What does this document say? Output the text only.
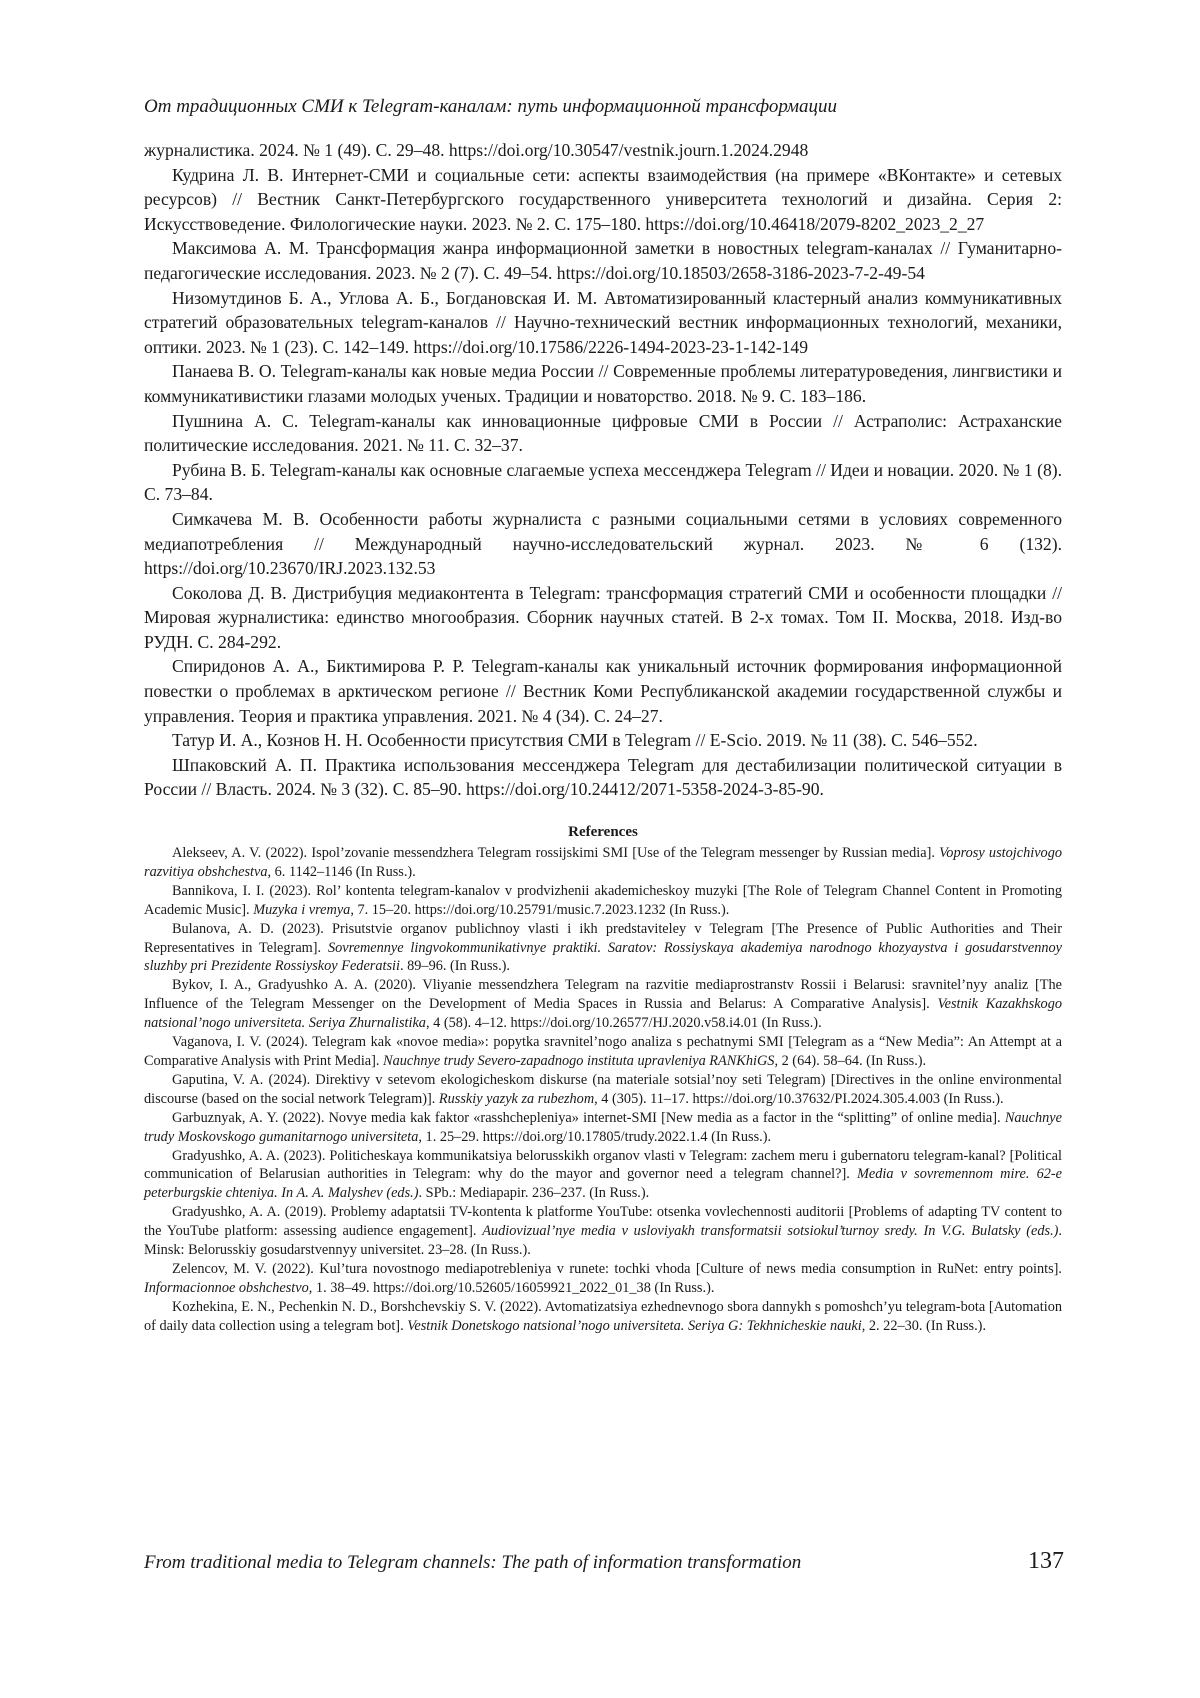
От традиционных СМИ к Telegram-каналам: путь информационной трансформации

журналистика. 2024. № 1 (49). С. 29–48. https://doi.org/10.30547/vestnik.journ.1.2024.2948

Кудрина Л. В. Интернет-СМИ и социальные сети: аспекты взаимодействия (на примере «ВКонтакте» и сетевых ресурсов) // Вестник Санкт-Петербургского государственного университета технологий и дизайна. Серия 2: Искусствоведение. Филологические науки. 2023. № 2. С. 175–180. https://doi.org/10.46418/2079-8202_2023_2_27

Максимова А. М. Трансформация жанра информационной заметки в новостных telegram-каналах // Гуманитарно-педагогические исследования. 2023. № 2 (7). С. 49–54. https://doi.org/10.18503/2658-3186-2023-7-2-49-54

Низомутдинов Б. А., Углова А. Б., Богдановская И. М. Автоматизированный кластерный анализ коммуникативных стратегий образовательных telegram-каналов // Научно-технический вестник информационных технологий, механики, оптики. 2023. № 1 (23). С. 142–149. https://doi.org/10.17586/2226-1494-2023-23-1-142-149

Панаева В. О. Telegram-каналы как новые медиа России // Современные проблемы литературоведения, лингвистики и коммуникативистики глазами молодых ученых. Традиции и новаторство. 2018. № 9. С. 183–186.

Пушнина А. С. Telegram-каналы как инновационные цифровые СМИ в России // Астраполис: Астраханские политические исследования. 2021. № 11. С. 32–37.

Рубина В. Б. Telegram-каналы как основные слагаемые успеха мессенджера Telegram // Идеи и новации. 2020. № 1 (8). С. 73–84.

Симкачева М. В. Особенности работы журналиста с разными социальными сетями в условиях современного медиапотребления // Международный научно-исследовательский журнал. 2023. № 6 (132). https://doi.org/10.23670/IRJ.2023.132.53

Соколова Д. В. Дистрибуция медиаконтента в Telegram: трансформация стратегий СМИ и особенности площадки // Мировая журналистика: единство многообразия. Сборник научных статей. В 2-х томах. Том II. Москва, 2018. Изд-во РУДН. С. 284-292.

Спиридонов А. А., Биктимирова Р. Р. Telegram-каналы как уникальный источник формирования информационной повестки о проблемах в арктическом регионе // Вестник Коми Республиканской академии государственной службы и управления. Теория и практика управления. 2021. № 4 (34). С. 24–27.

Татур И. А., Кознов Н. Н. Особенности присутствия СМИ в Telegram // E-Scio. 2019. № 11 (38). С. 546–552.

Шпаковский А. П. Практика использования мессенджера Telegram для дестабилизации политической ситуации в России // Власть. 2024. № 3 (32). С. 85–90. https://doi.org/10.24412/2071-5358-2024-3-85-90.

References

Alekseev, A. V. (2022). Ispol’zovanie messendzhera Telegram rossijskimi SMI [Use of the Telegram messenger by Russian media]. Voprosy ustojchivogo razvitiya obshchestva, 6. 1142–1146 (In Russ.).

Bannikova, I. I. (2023). Rol’ kontenta telegram-kanalov v prodvizhenii akademicheskoy muzyki [The Role of Telegram Channel Content in Promoting Academic Music]. Muzyka i vremya, 7. 15–20. https://doi.org/10.25791/music.7.2023.1232 (In Russ.).

Bulanova, A. D. (2023). Prisutstvie organov publichnoy vlasti i ikh predstaviteley v Telegram [The Presence of Public Authorities and Their Representatives in Telegram]. Sovremennye lingvokommunikativnye praktiki. Saratov: Rossiyskaya akademiya narodnogo khozyaystva i gosudarstvennoy sluzhby pri Prezidente Rossiyskoy Federatsii. 89–96. (In Russ.).

Bykov, I. A., Gradyushko A. A. (2020). Vliyanie messendzhera Telegram na razvitie mediaprostranstv Rossii i Belarusi: sravnitel’nyy analiz [The Influence of the Telegram Messenger on the Development of Media Spaces in Russia and Belarus: A Comparative Analysis]. Vestnik Kazakhskogo natsional’nogo universiteta. Seriya Zhurnalistika, 4 (58). 4–12. https://doi.org/10.26577/HJ.2020.v58.i4.01 (In Russ.).

Vaganova, I. V. (2024). Telegram kak «novoe media»: popytka sravnitel’nogo analiza s pechatnymi SMI [Telegram as a “New Media”: An Attempt at a Comparative Analysis with Print Media]. Nauchnye trudy Severo-zapadnogo instituta upravleniya RANKhiGS, 2 (64). 58–64. (In Russ.).

Gaputina, V. A. (2024). Direktivy v setevom ekologicheskom diskurse (na materiale sotsial’noy seti Telegram) [Directives in the online environmental discourse (based on the social network Telegram)]. Russkiy yazyk za rubezhom, 4 (305). 11–17. https://doi.org/10.37632/PI.2024.305.4.003 (In Russ.).

Garbuznyak, A. Y. (2022). Novye media kak faktor «rasshchepleniya» internet-SMI [New media as a factor in the “splitting” of online media]. Nauchnye trudy Moskovskogo gumanitarnogo universiteta, 1. 25–29. https://doi.org/10.17805/trudy.2022.1.4 (In Russ.).

Gradyushko, A. A. (2023). Politicheskaya kommunikatsiya belorusskikh organov vlasti v Telegram: zachem meru i gubernatoru telegram-kanal? [Political communication of Belarusian authorities in Telegram: why do the mayor and governor need a telegram channel?]. Media v sovremennom mire. 62-e peterburgskie chteniya. In A. A. Malyshev (eds.). SPb.: Mediapapir. 236–237. (In Russ.).

Gradyushko, A. A. (2019). Problemy adaptatsii TV-kontenta k platforme YouTube: otsenka vovlechennosti auditorii [Problems of adapting TV content to the YouTube platform: assessing audience engagement]. Audiovizual’nye media v usloviyakh transformatsii sotsiokul’turnoy sredy. In V.G. Bulatsky (eds.). Minsk: Belorusskiy gosudarstvennyy universitet. 23–28. (In Russ.).

Zelencov, M. V. (2022). Kul’tura novostnogo mediapotrebleniya v runete: tochki vhoda [Culture of news media consumption in RuNet: entry points]. Informacionnoe obshchestvo, 1. 38–49. https://doi.org/10.52605/16059921_2022_01_38 (In Russ.).

Kozhekina, E. N., Pechenkin N. D., Borshchevskiy S. V. (2022). Avtomatizatsiya ezhednevnogo sbora dannykh s pomoshch’yu telegram-bota [Automation of daily data collection using a telegram bot]. Vestnik Donetskogo natsional’nogo universiteta. Seriya G: Tekhnicheskie nauki, 2. 22–30. (In Russ.).

From traditional media to Telegram channels: The path of information transformation	137
